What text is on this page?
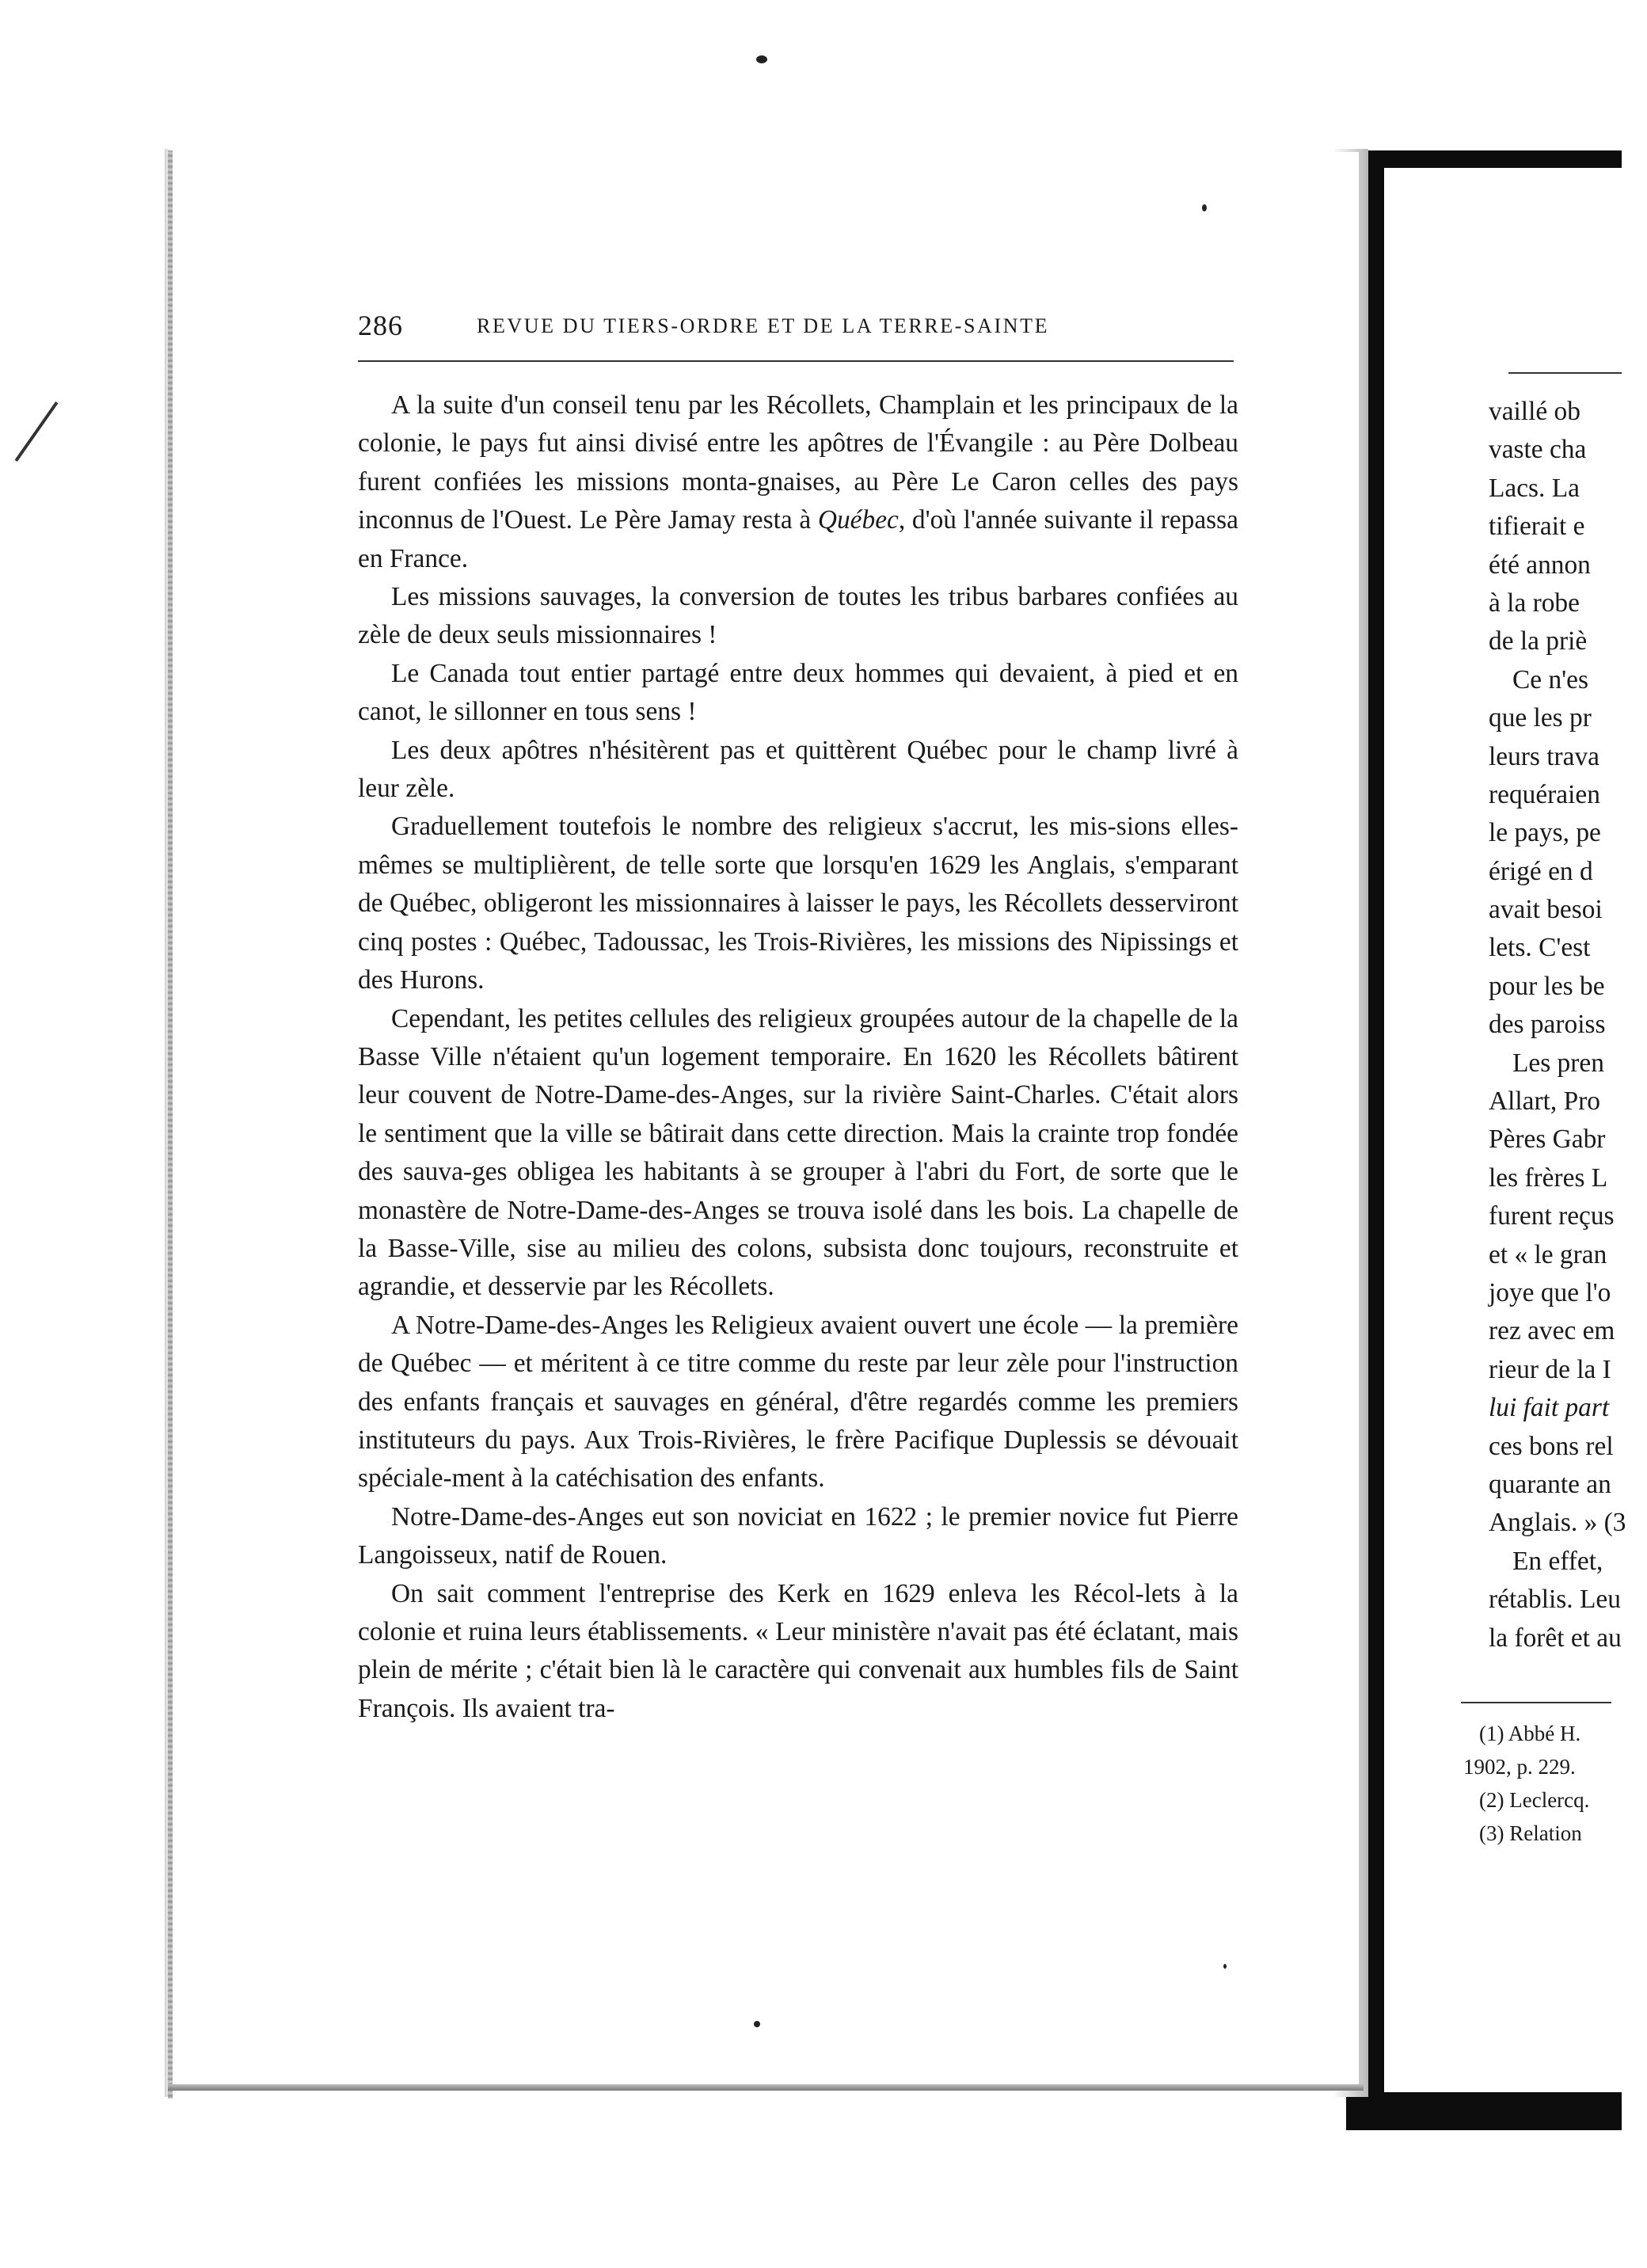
286	REVUE DU TIERS-ORDRE ET DE LA TERRE-SAINTE

A la suite d'un conseil tenu par les Récollets, Champlain et les principaux de la colonie, le pays fut ainsi divisé entre les apôtres de l'Évangile : au Père Dolbeau furent confiées les missions monta-gnaises, au Père Le Caron celles des pays inconnus de l'Ouest. Le Père Jamay resta à Québec, d'où l'année suivante il repassa en France.

Les missions sauvages, la conversion de toutes les tribus barbares confiées au zèle de deux seuls missionnaires !

Le Canada tout entier partagé entre deux hommes qui devaient, à pied et en canot, le sillonner en tous sens !

Les deux apôtres n'hésitèrent pas et quittèrent Québec pour le champ livré à leur zèle.

Graduellement toutefois le nombre des religieux s'accrut, les mis-sions elles-mêmes se multiplièrent, de telle sorte que lorsqu'en 1629 les Anglais, s'emparant de Québec, obligeront les missionnaires à laisser le pays, les Récollets desserviront cinq postes : Québec, Tadoussac, les Trois-Rivières, les missions des Nipissings et des Hurons.

Cependant, les petites cellules des religieux groupées autour de la chapelle de la Basse Ville n'étaient qu'un logement temporaire. En 1620 les Récollets bâtirent leur couvent de Notre-Dame-des-Anges, sur la rivière Saint-Charles. C'était alors le sentiment que la ville se bâtirait dans cette direction. Mais la crainte trop fondée des sauva-ges obligea les habitants à se grouper à l'abri du Fort, de sorte que le monastère de Notre-Dame-des-Anges se trouva isolé dans les bois. La chapelle de la Basse-Ville, sise au milieu des colons, subsista donc toujours, reconstruite et agrandie, et desservie par les Récollets.

A Notre-Dame-des-Anges les Religieux avaient ouvert une école — la première de Québec — et méritent à ce titre comme du reste par leur zèle pour l'instruction des enfants français et sauvages en général, d'être regardés comme les premiers instituteurs du pays. Aux Trois-Rivières, le frère Pacifique Duplessis se dévouait spéciale-ment à la catéchisation des enfants.

Notre-Dame-des-Anges eut son noviciat en 1622 ; le premier novice fut Pierre Langoisseux, natif de Rouen.

On sait comment l'entreprise des Kerk en 1629 enleva les Récol-lets à la colonie et ruina leurs établissements. « Leur ministère n'avait pas été éclatant, mais plein de mérite ; c'était bien là le caractère qui convenait aux humbles fils de Saint François. Ils avaient tra-

vaillé ob
vaste cha
Lacs. La
tifierait e
été annon
à la robe
de la priè
Ce n'es
que les pr
leurs trava
requéraien
le pays, pe
érigé en d
avait besoi
lets. C'est
pour les be
des paroiss
Les pren
Allart, Pro
Pères Gabr
les frères L
furent reçus
et « le gran
joye que l'o
rez avec em
rieur de la I
lui fait part
ces bons rel
quarante an
Anglais. » (3
En effet,
rétablis. Leu
la forêt et au
(1) Abbé H.
1902, p. 229.
(2) Leclercq.
(3) Relation
